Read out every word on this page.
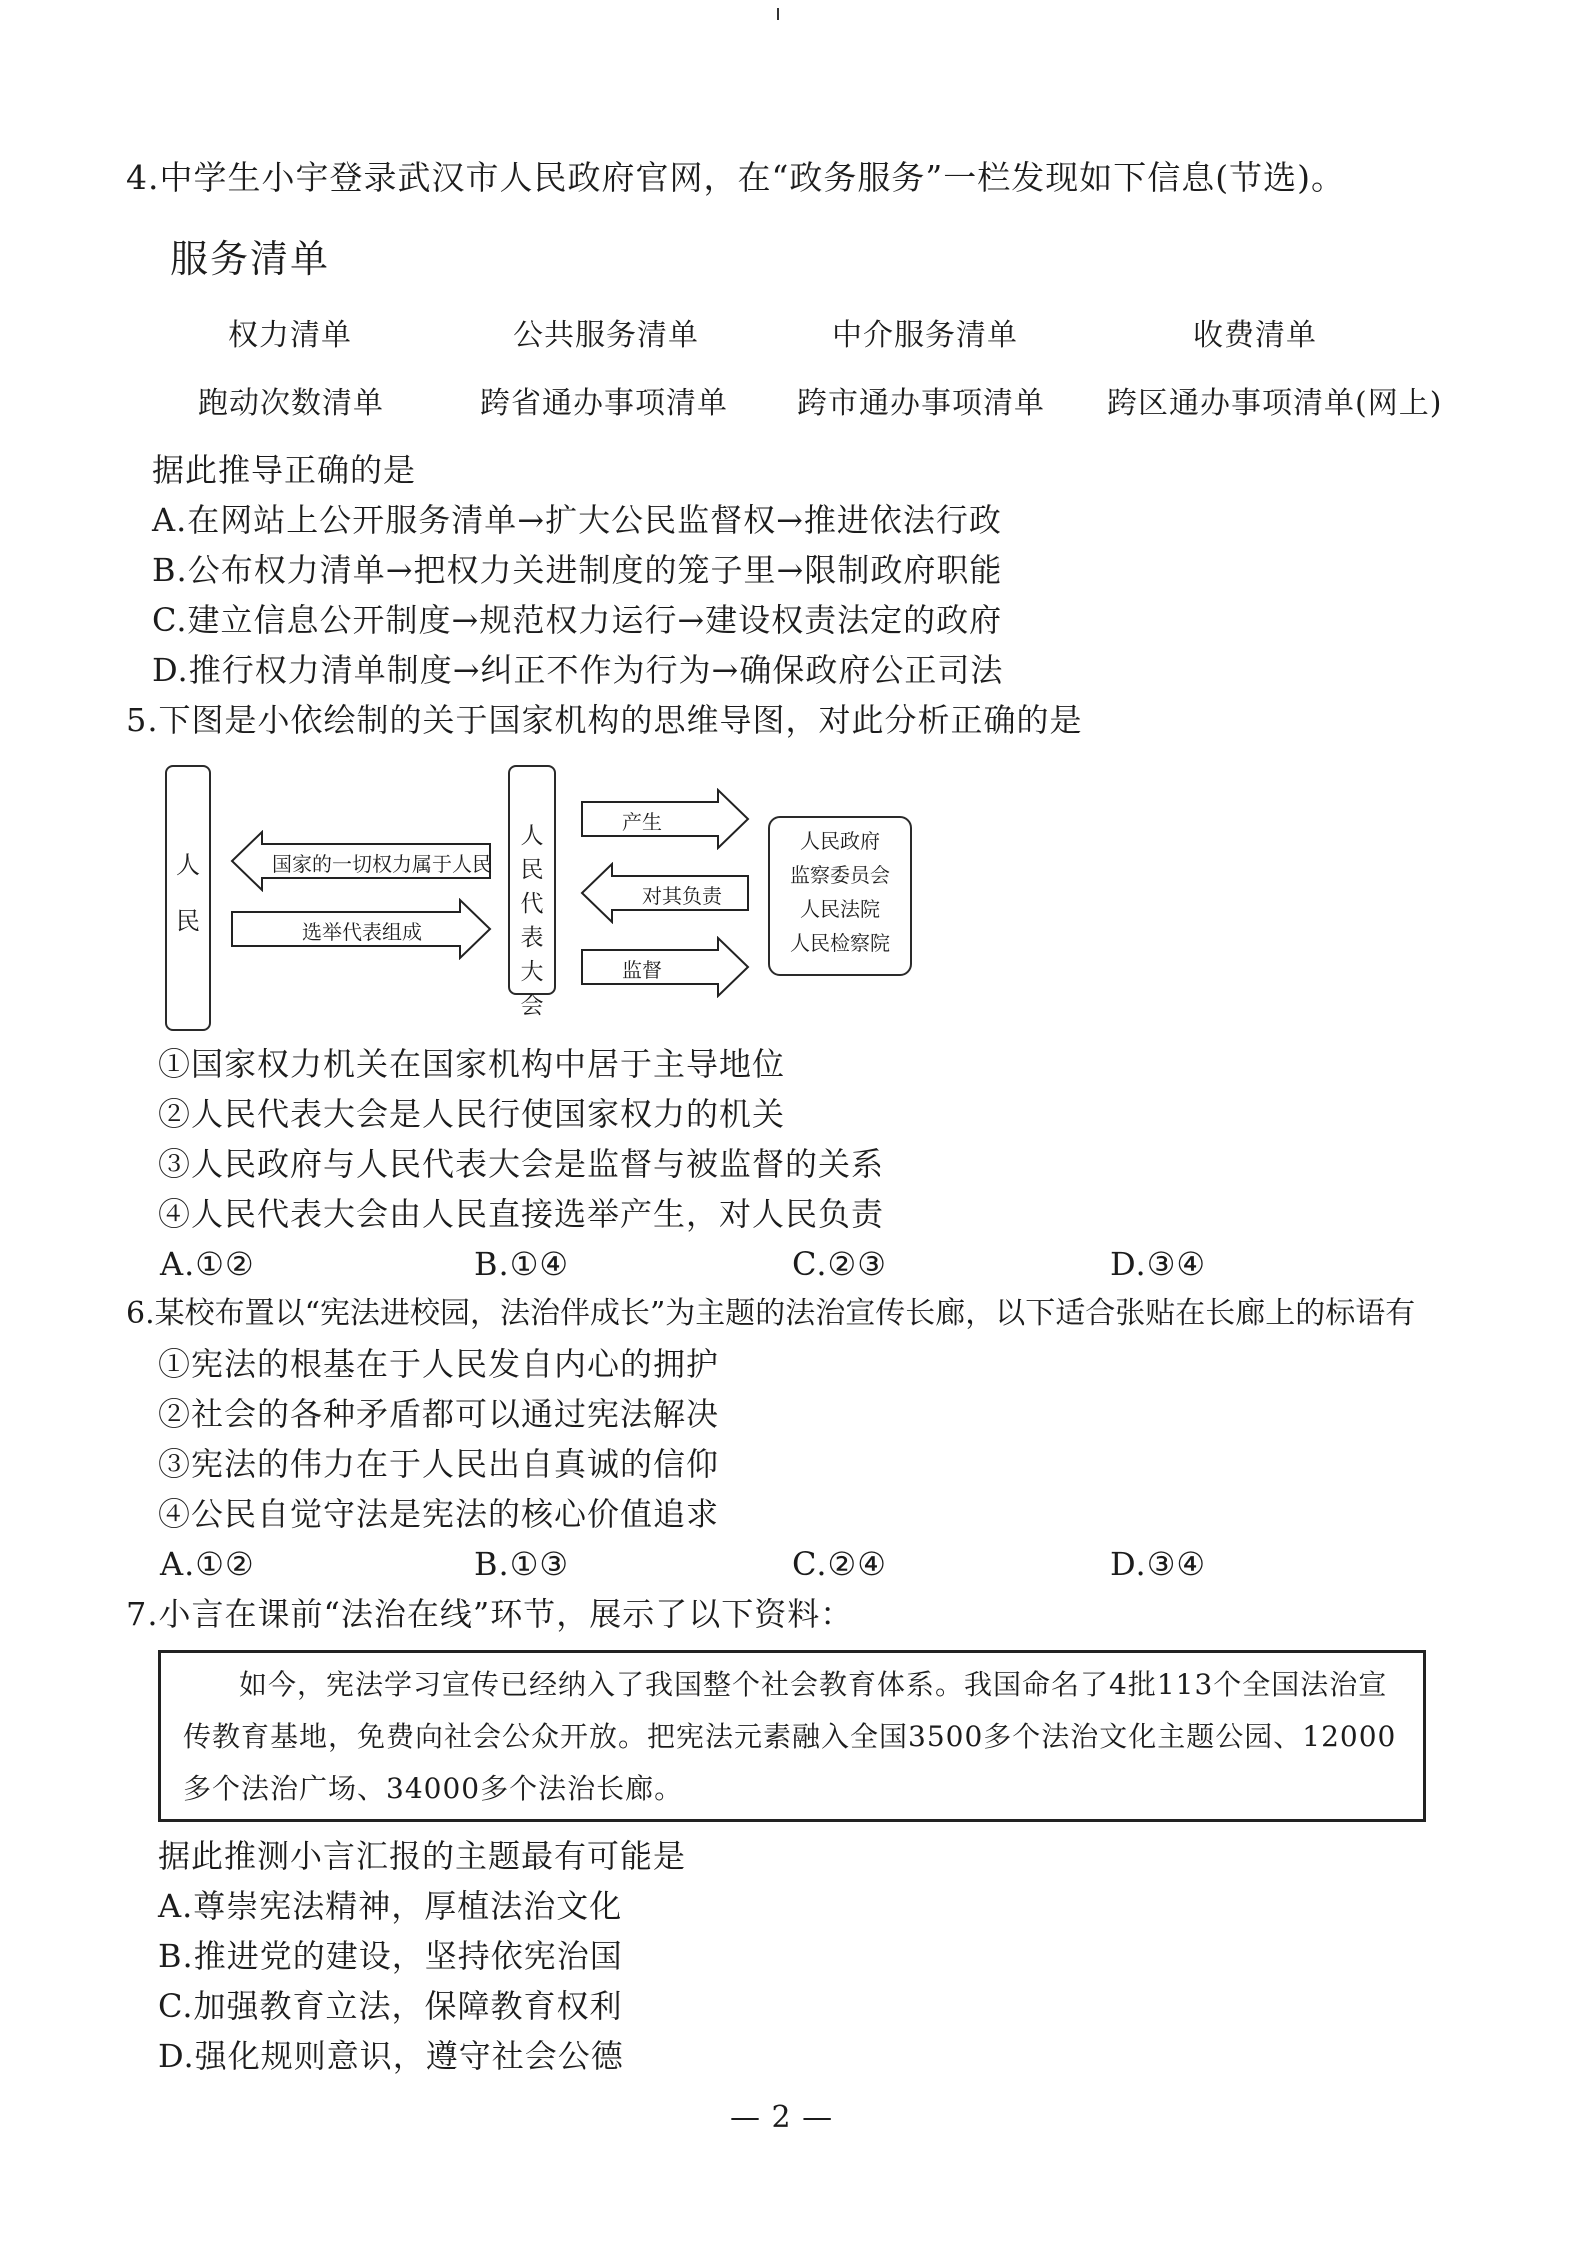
4.中学生小宇登录武汉市人民政府官网，在“政务服务”一栏发现如下信息(节选)。
服务清单
权力清单	公共服务清单	中介服务清单	收费清单
跑动次数清单	跨省通办事项清单 跨市通办事项清单 跨区通办事项清单(网上)
据此推导正确的是
A.在网站上公开服务清单→扩大公民监督权→推进依法行政
B.公布权力清单→把权力关进制度的笼子里→限制政府职能
C.建立信息公开制度→规范权力运行→建设权责法定的政府
D.推行权力清单制度→纠正不作为行为→确保政府公正司法
5.下图是小依绘制的关于国家机构的思维导图，对此分析正确的是
人民
人民代表大会
国家的一切权力属于人民
选举代表组成
产生
对其负责
监督
人民政府
监察委员会
人民法院
人民检察院
①国家权力机关在国家机构中居于主导地位
②人民代表大会是人民行使国家权力的机关
③人民政府与人民代表大会是监督与被监督的关系
④人民代表大会由人民直接选举产生，对人民负责
A.①②	B.①④	C.②③	D.③④
6.某校布置以“宪法进校园，法治伴成长”为主题的法治宣传长廊，以下适合张贴在长廊上的标语有
①宪法的根基在于人民发自内心的拥护
②社会的各种矛盾都可以通过宪法解决
③宪法的伟力在于人民出自真诚的信仰
④公民自觉守法是宪法的核心价值追求
A.①②	B.①③	C.②④	D.③④
7.小言在课前“法治在线”环节，展示了以下资料：
如今，宪法学习宣传已经纳入了我国整个社会教育体系。我国命名了4批113个全国法治宣传教育基地，免费向社会公众开放。把宪法元素融入全国3500多个法治文化主题公园、12000多个法治广场、34000多个法治长廊。
据此推测小言汇报的主题最有可能是
A.尊崇宪法精神，厚植法治文化
B.推进党的建设，坚持依宪治国
C.加强教育立法，保障教育权利
D.强化规则意识，遵守社会公德
— 2 —
